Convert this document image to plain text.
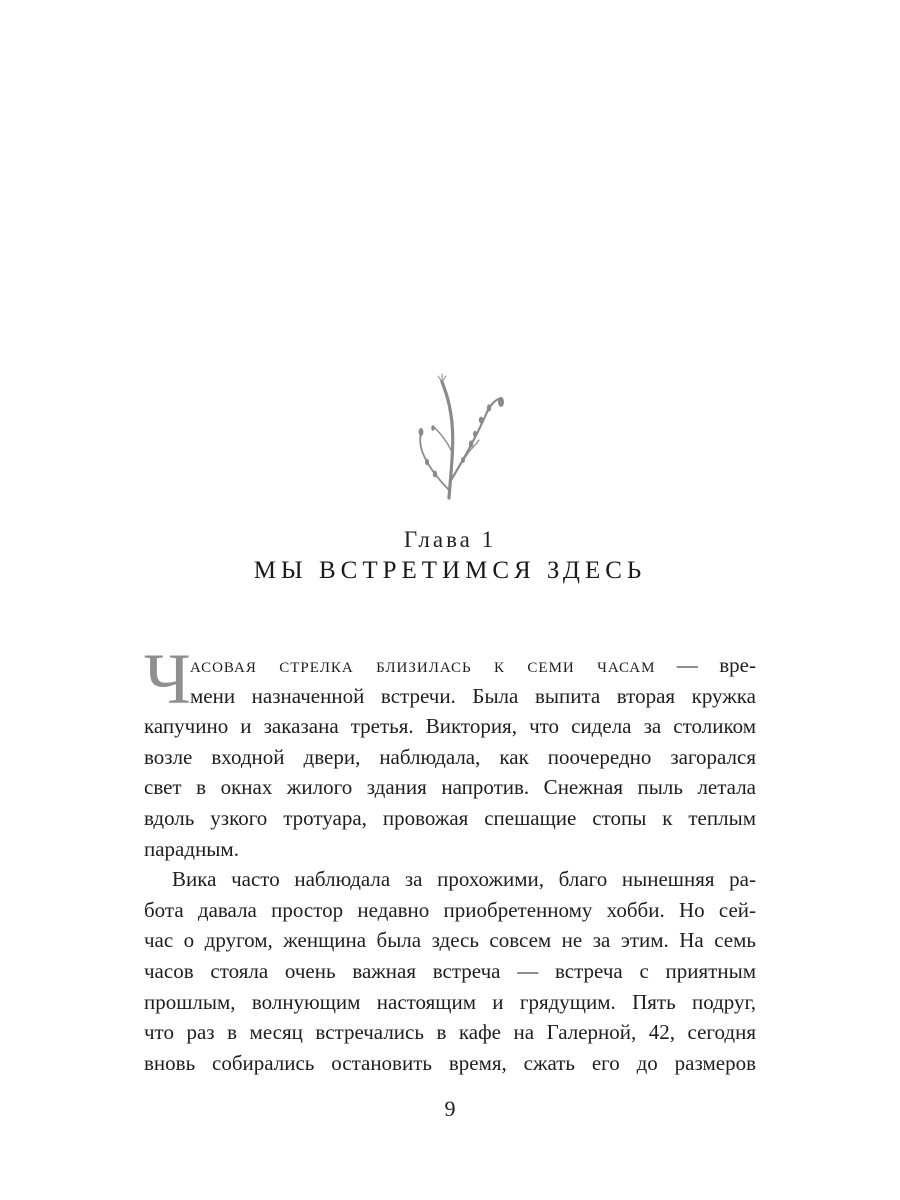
Глава 1
МЫ ВСТРЕТИМСЯ ЗДЕСЬ
Ч асовая стрелка близилась к семи часам — вре-
мени назначенной встречи. Была выпита вторая кружка
капучино и заказана третья. Виктория, что сидела за столиком
возле входной двери, наблюдала, как поочередно загорался
свет в окнах жилого здания напротив. Снежная пыль летала
вдоль узкого тротуара, провожая спешащие стопы к теплым
парадным.
Вика часто наблюдала за прохожими, благо нынешняя ра-
бота давала простор недавно приобретенному хобби. Но сей-
час о другом, женщина была здесь совсем не за этим. На семь
часов стояла очень важная встреча — встреча с приятным
прошлым, волнующим настоящим и грядущим. Пять подруг,
что раз в месяц встречались в кафе на Галерной, 42, сегодня
вновь собирались остановить время, сжать его до размеров
9
